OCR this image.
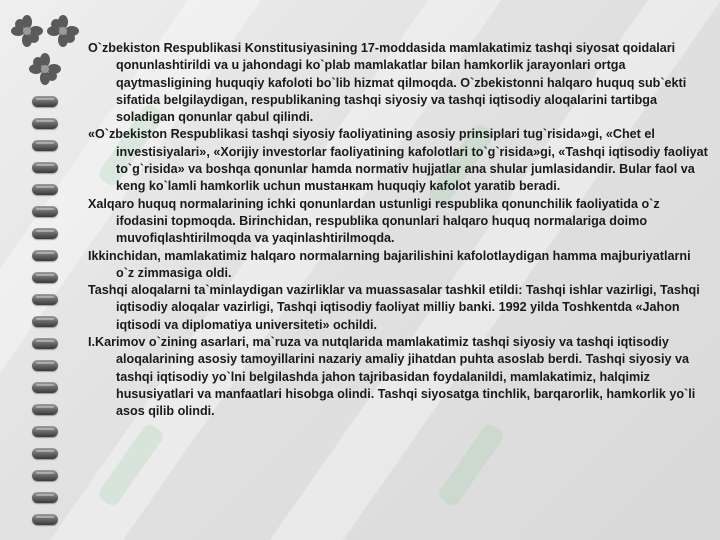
O`zbekiston Respublikasi Konstitusiyasining 17-moddasida mamlakatimiz tashqi siyosat qoidalari qonunlashtirildi va u jahondagi ko`plab mamlakatlar bilan hamkorlik jarayonlari ortga qaytmasligining huquqiy kafoloti bo`lib hizmat qilmoqda. O`zbekistonni halqaro huquq sub`ekti sifatida belgilaydigan, respublikaning tashqi siyosiy va tashqi iqtisodiy aloqalarini tartibga soladigan qonunlar qabul qilindi.

«O`zbekiston Respublikasi tashqi siyosiy faoliyatining asosiy prinsiplari tug`risida»gi, «Chet el investisiyalari», «Xorijiy investorlar faoliyatining kafolotlari to`g`risida»gi, «Tashqi iqtisodiy faoliyat to`g`risida» va boshqa qonunlar hamda normativ hujjatlar ana shular jumlasidandir. Bular faol va keng ko`lamli hamkorlik uchun mustaнкam huquqiy kafolot yaratib beradi.

Xalqaro huquq normalarining ichki qonunlardan ustunligi respublika qonunchilik faoliyatida o`z ifodasini topmoqda. Birinchidan, respublika qonunlari halqaro huquq normalariga doimo muvofiqlashtirilmoqda va yaqinlashtirilmoqda.

Ikkinchidan, mamlakatimiz halqaro normalarning bajarilishini kafolotlaydigan hamma majburiyatlarni o`z zimmasiga oldi.

Tashqi aloqalarni ta`minlaydigan vazirliklar va muassasalar tashkil etildi: Tashqi ishlar vazirligi, Tashqi iqtisodiy aloqalar vazirligi, Tashqi iqtisodiy faoliyat milliy banki. 1992 yilda Toshkentda «Jahon iqtisodi va diplomatiya universiteti» ochildi.

I.Karimov o`zining asarlari, ma`ruza va nutqlarida mamlakatimiz tashqi siyosiy va tashqi iqtisodiy aloqalarining asosiy tamoyillarini nazariy amaliy jihatdan puhta asoslab berdi. Tashqi siyosiy va tashqi iqtisodiy yo`lni belgilashda jahon tajribasidan foydalanildi, mamlakatimiz, halqimiz hususiyatlari va manfaatlari hisobga olindi. Tashqi siyosatga tinchlik, barqarorlik, hamkorlik yo`li asos qilib olindi.
